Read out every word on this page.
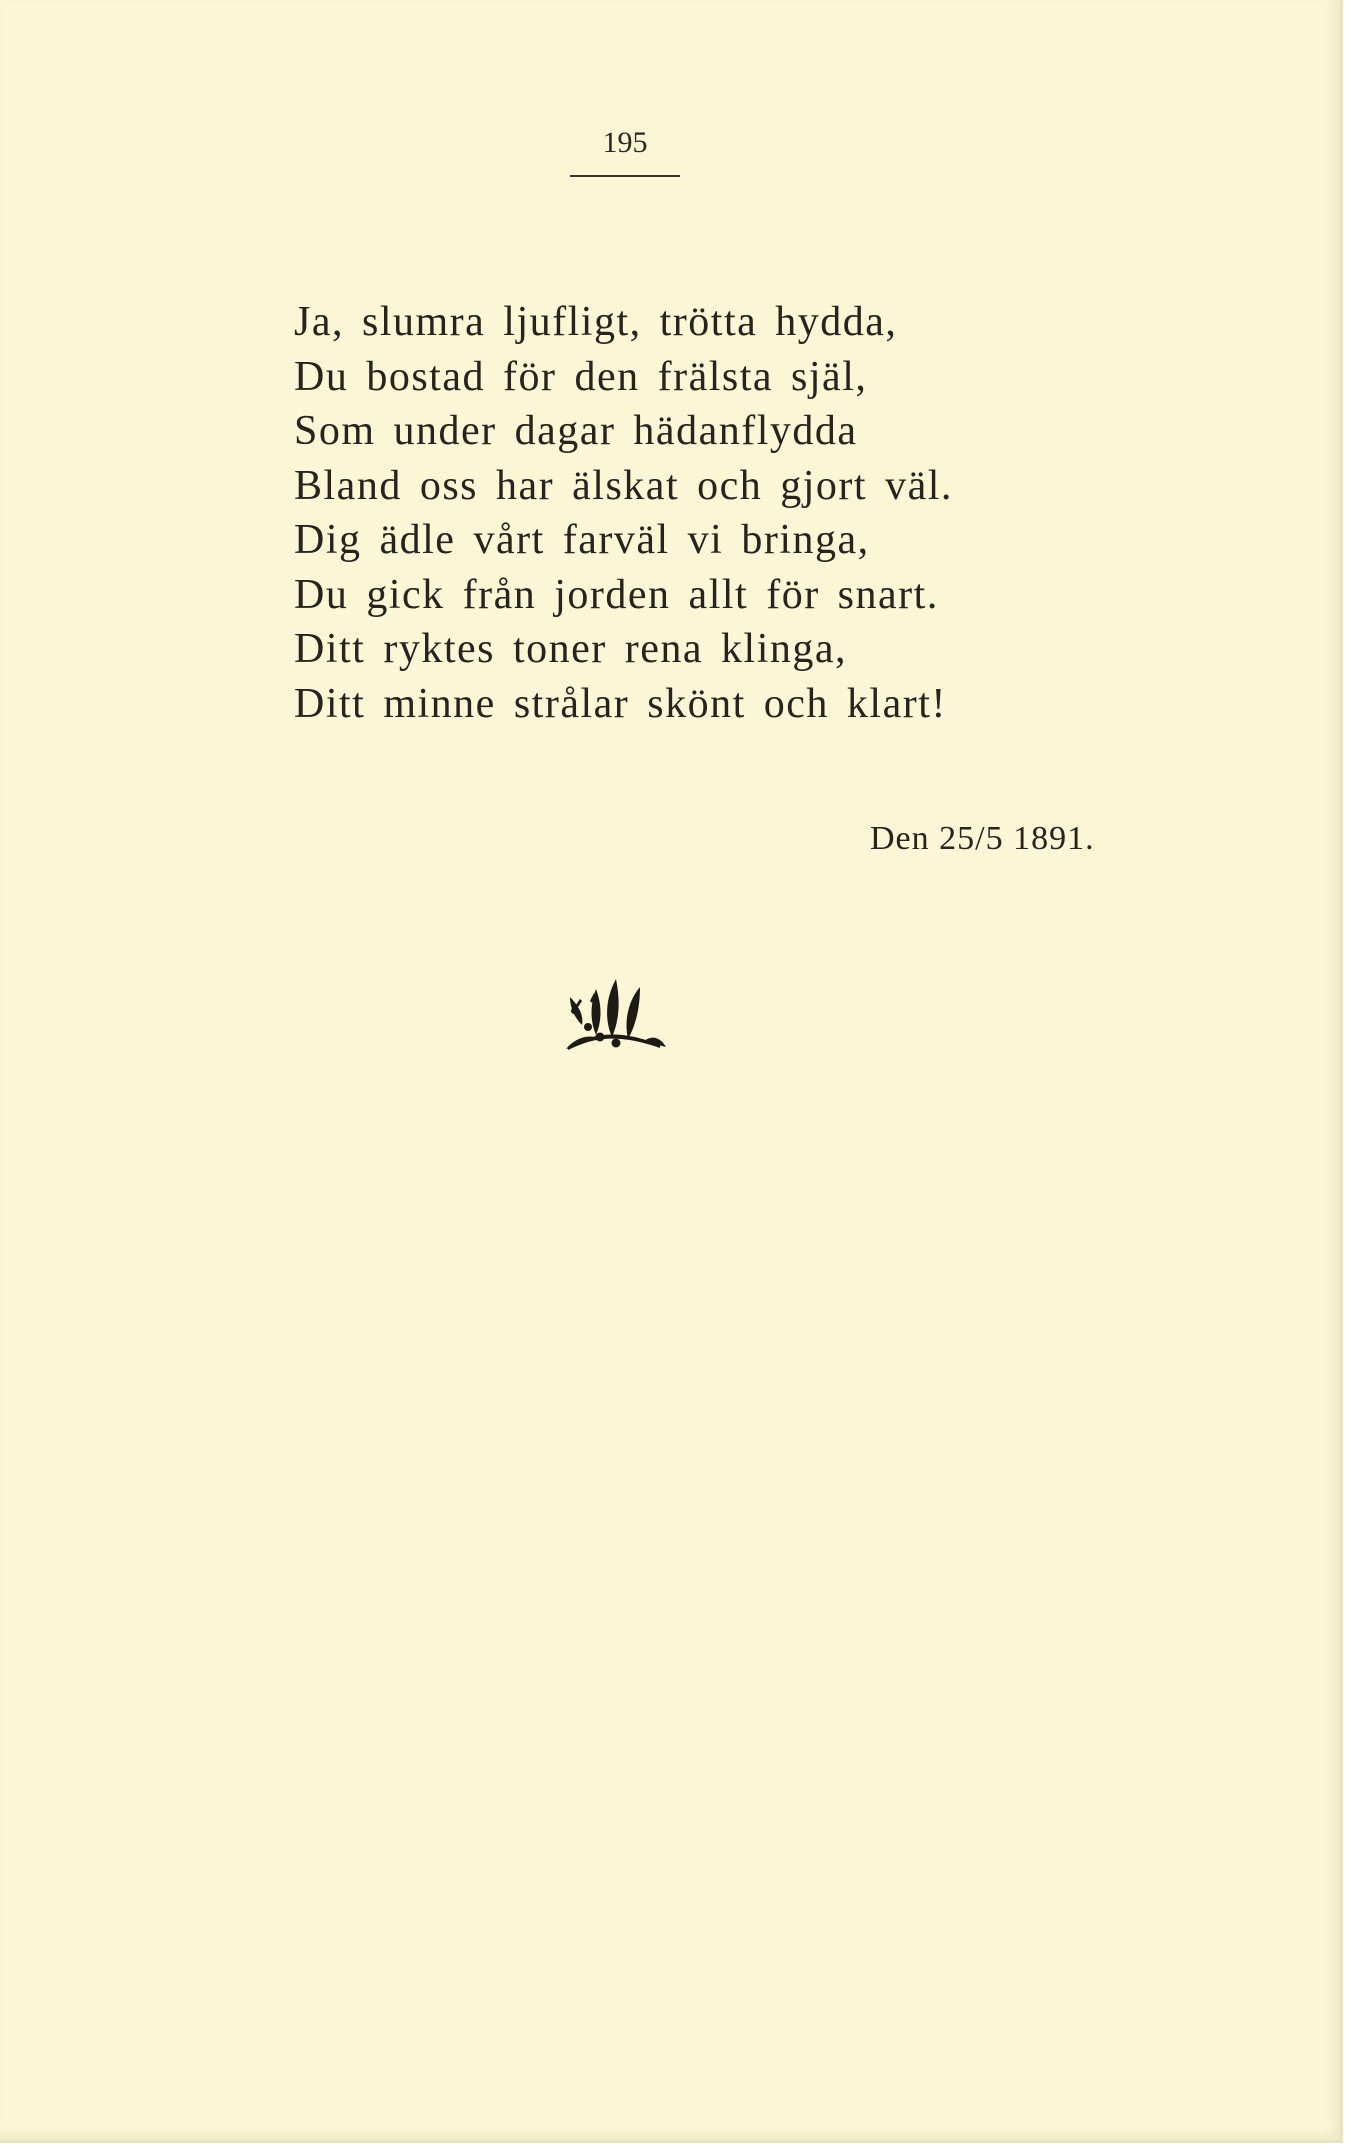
195
Ja, slumra ljufligt, trötta hydda,
Du bostad för den frälsta själ,
Som under dagar hädanflydda
Bland oss har älskat och gjort väl.
Dig ädle vårt farväl vi bringa,
Du gick från jorden allt för snart.
Ditt ryktes toner rena klinga,
Ditt minne strålar skönt och klart!
Den 25/5 1891.
